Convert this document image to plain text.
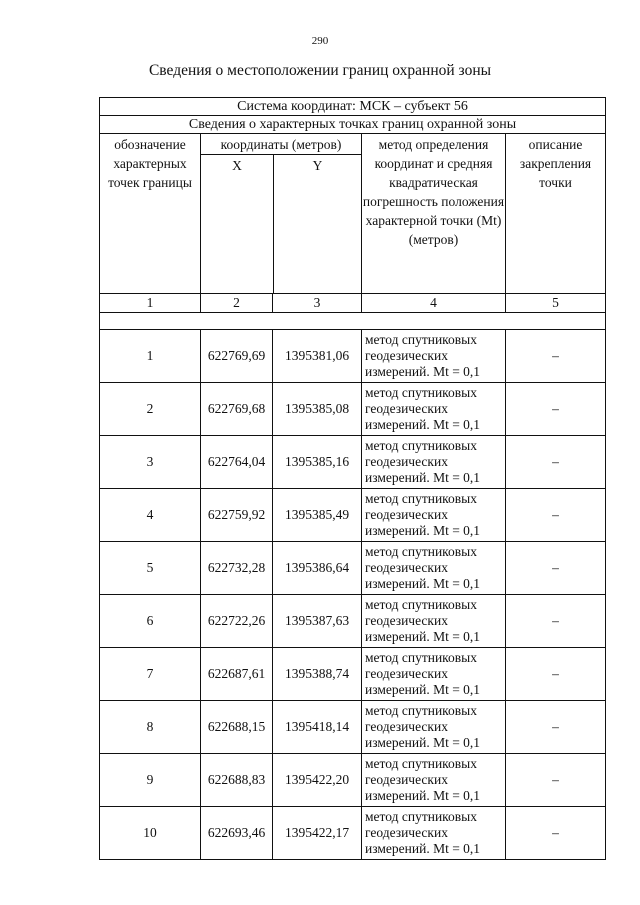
290
Сведения о местоположении границ охранной зоны
Система координат: МСК – субъект 56
Сведения о характерных точках границ охранной зоны
обозначение характерных точек границы	
координаты (метров)
X	Y
	метод определения координат и средняя квадратическая погрешность положения характерной точки (Mt) (метров)	описание закрепления точки
1	2	3	4	5

1	622769,69	1395381,06	метод спутниковых
геодезических
измерений. Mt = 0,1	–
2	622769,68	1395385,08	метод спутниковых
геодезических
измерений. Mt = 0,1	–
3	622764,04	1395385,16	метод спутниковых
геодезических
измерений. Mt = 0,1	–
4	622759,92	1395385,49	метод спутниковых
геодезических
измерений. Mt = 0,1	–
5	622732,28	1395386,64	метод спутниковых
геодезических
измерений. Mt = 0,1	–
6	622722,26	1395387,63	метод спутниковых
геодезических
измерений. Mt = 0,1	–
7	622687,61	1395388,74	метод спутниковых
геодезических
измерений. Mt = 0,1	–
8	622688,15	1395418,14	метод спутниковых
геодезических
измерений. Mt = 0,1	–
9	622688,83	1395422,20	метод спутниковых
геодезических
измерений. Mt = 0,1	–
10	622693,46	1395422,17	метод спутниковых
геодезических
измерений. Mt = 0,1	–
